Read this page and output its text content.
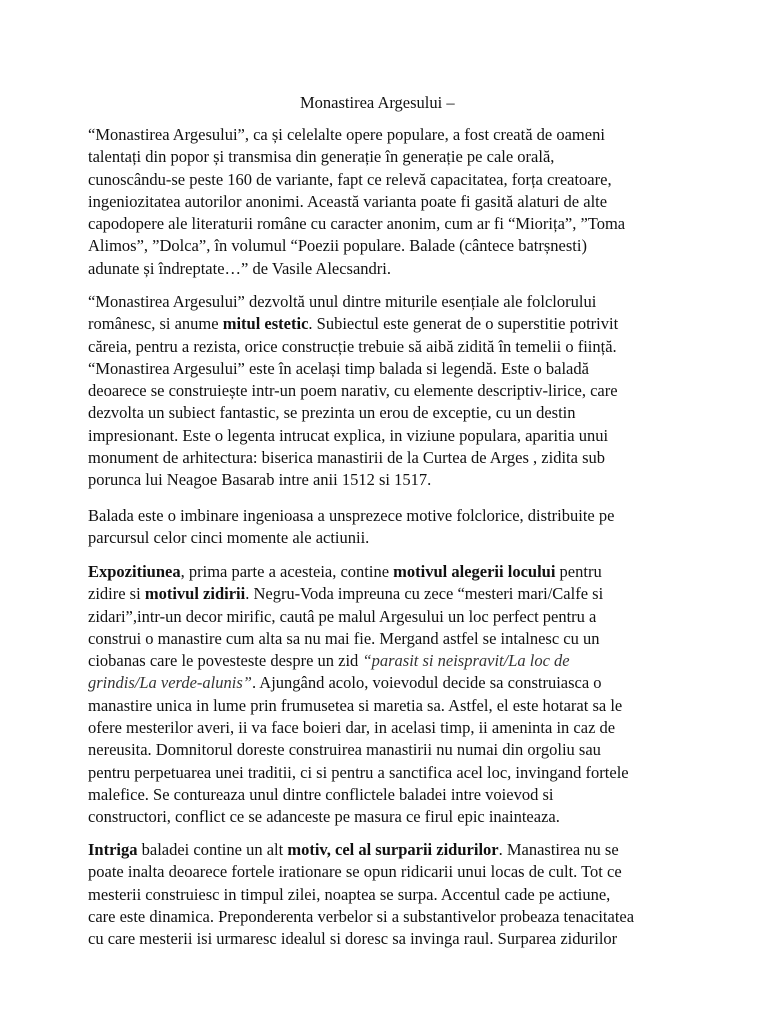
Monastirea Argesului –

“Monastirea Argesului”, ca și celelalte opere populare, a fost creată de oameni
talentați din popor și transmisa din generație în generație pe cale orală,
cunoscându-se peste 160 de variante, fapt ce relevă capacitatea, forța creatoare,
ingeniozitatea autorilor anonimi. Această varianta poate fi gasită alaturi de alte
capodopere ale literaturii române cu caracter anonim, cum ar fi “Miorița”, ”Toma
Alimos”, ”Dolca”, în volumul “Poezii populare. Balade (cântece batrșnesti)
adunate și îndreptate…” de Vasile Alecsandri.

“Monastirea Argesului” dezvoltă unul dintre miturile esențiale ale folclorului
românesc, si anume mitul estetic. Subiectul este generat de o superstitie potrivit
căreia, pentru a rezista, orice construcție trebuie să aibă zidită în temelii o ființă.
“Monastirea Argesului” este în același timp balada si legendă. Este o baladă
deoarece se construiește intr-un poem narativ, cu elemente descriptiv-lirice, care
dezvolta un subiect fantastic, se prezinta un erou de exceptie, cu un destin
impresionant. Este o legenta intrucat explica, in viziune populara, aparitia unui
monument de arhitectura: biserica manastirii de la Curtea de Arges , zidita sub
porunca lui Neagoe Basarab intre anii 1512 si 1517.

Balada este o imbinare ingenioasa a unsprezece motive folclorice, distribuite pe
parcursul celor cinci momente ale actiunii.

Expozitiunea, prima parte a acesteia, contine motivul alegerii locului pentru
zidire si motivul zidirii. Negru-Voda impreuna cu zece “mesteri mari/Calfe si
zidari”,intr-un decor mirific, cautâ pe malul Argesului un loc perfect pentru a
construi o manastire cum alta sa nu mai fie. Mergand astfel se intalnesc cu un
ciobanas care le povesteste despre un zid “parasit si neispravit/La loc de
grindis/La verde-alunis”. Ajungând acolo, voievodul decide sa construiasca o
manastire unica in lume prin frumusetea si maretia sa. Astfel, el este hotarat sa le
ofere mesterilor averi, ii va face boieri dar, in acelasi timp, ii ameninta in caz de
nereusita. Domnitorul doreste construirea manastirii nu numai din orgoliu sau
pentru perpetuarea unei traditii, ci si pentru a sanctifica acel loc, invingand fortele
malefice. Se contureaza unul dintre conflictele baladei intre voievod si
constructori, conflict ce se adanceste pe masura ce firul epic inainteaza.

Intriga baladei contine un alt motiv, cel al surparii zidurilor. Manastirea nu se
poate inalta deoarece fortele irationare se opun ridicarii unui locas de cult. Tot ce
mesterii construiesc in timpul zilei, noaptea se surpa. Accentul cade pe actiune,
care este dinamica. Preponderenta verbelor si a substantivelor probeaza tenacitatea
cu care mesterii isi urmaresc idealul si doresc sa invinga raul. Surparea zidurilor
